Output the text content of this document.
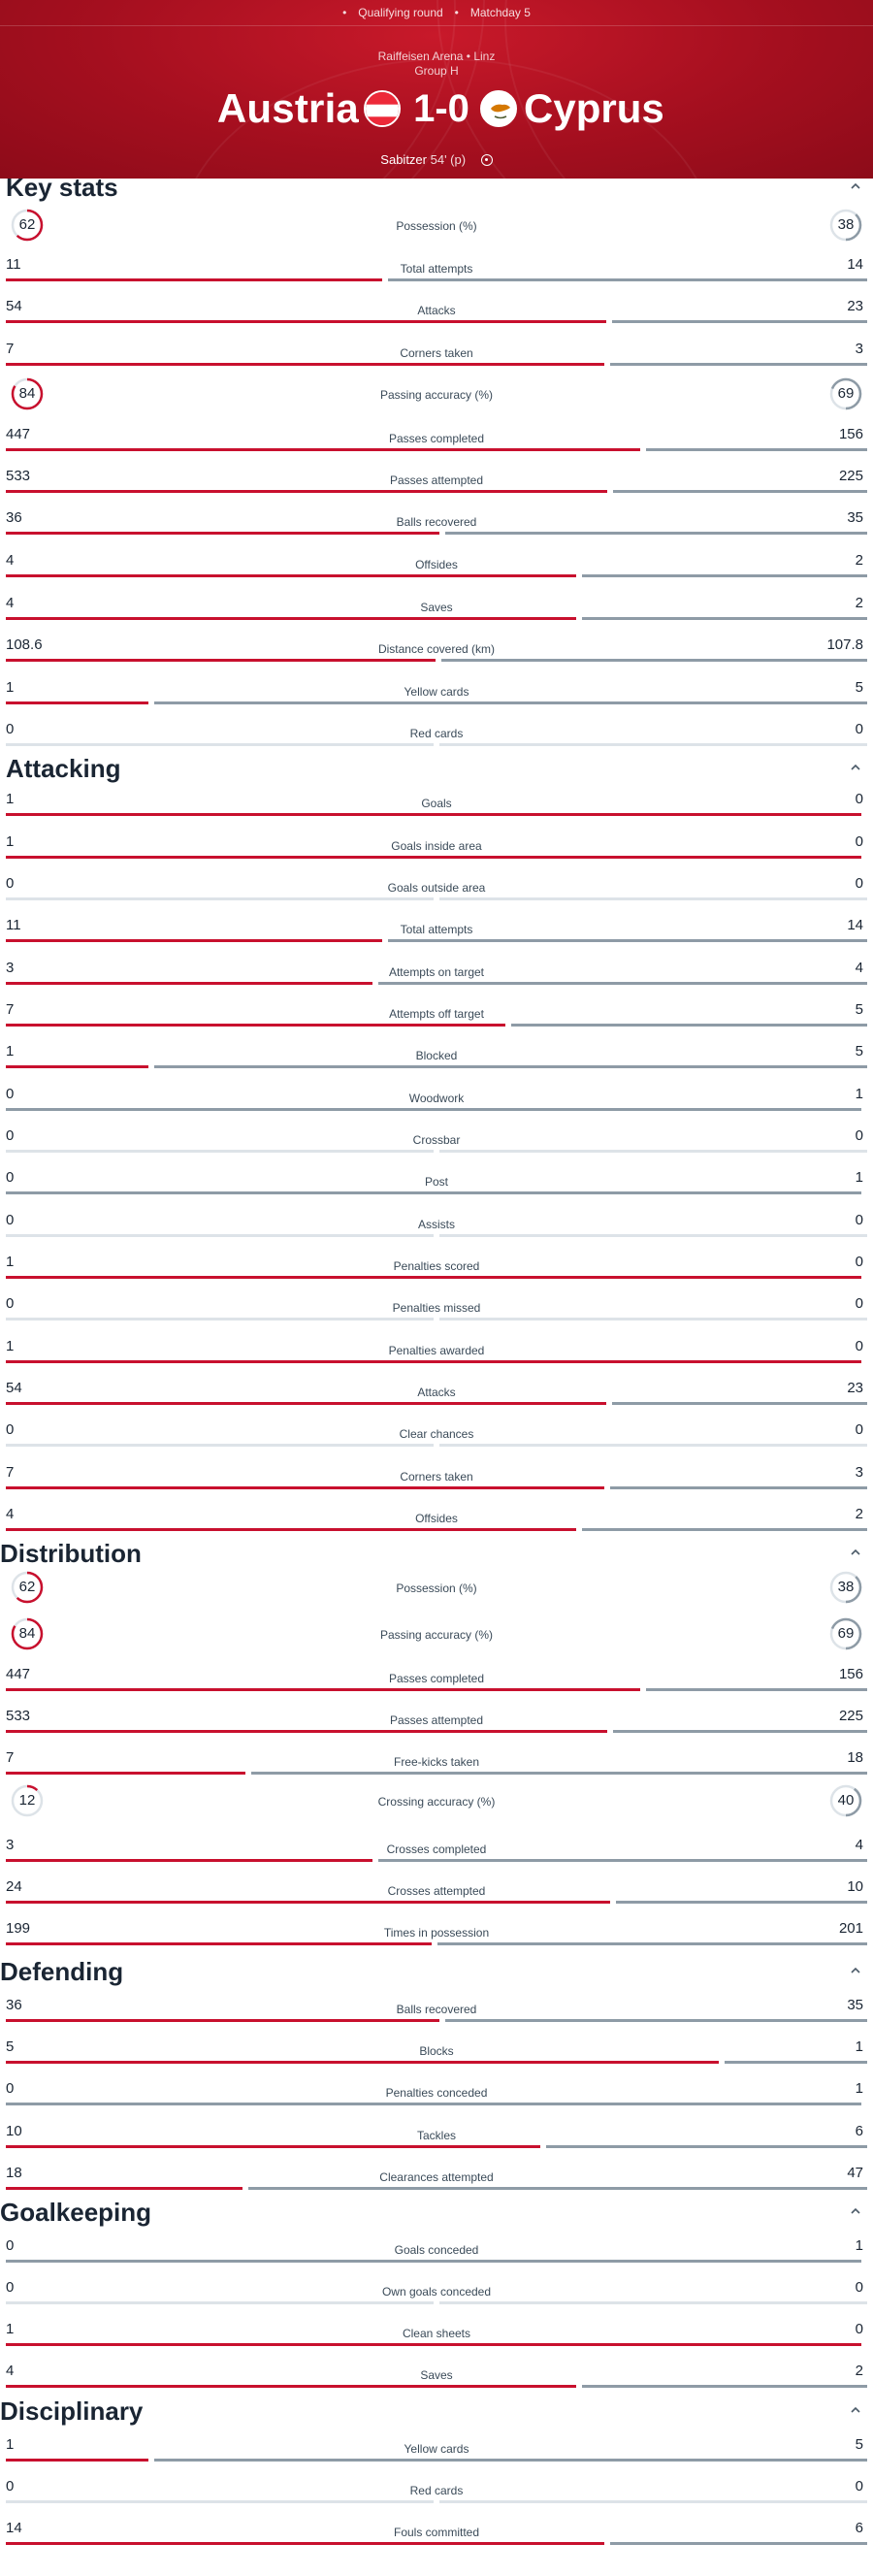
• Qualifying round • Matchday 5
Raiffeisen Arena • Linz
Group H
Austria 1-0 Cyprus
Sabitzer 54' (p)
Key stats
62	Possession (%)	38
11	Total attempts	14
54	Attacks	23
7	Corners taken	3
84	Passing accuracy (%)	69
447	Passes completed	156
533	Passes attempted	225
36	Balls recovered	35
4	Offsides	2
4	Saves	2
108.6	Distance covered (km)	107.8
1	Yellow cards	5
0	Red cards	0
Attacking
1	Goals	0
1	Goals inside area	0
0	Goals outside area	0
11	Total attempts	14
3	Attempts on target	4
7	Attempts off target	5
1	Blocked	5
0	Woodwork	1
0	Crossbar	0
0	Post	1
0	Assists	0
1	Penalties scored	0
0	Penalties missed	0
1	Penalties awarded	0
54	Attacks	23
0	Clear chances	0
7	Corners taken	3
4	Offsides	2
Distribution
62	Possession (%)	38
84	Passing accuracy (%)	69
447	Passes completed	156
533	Passes attempted	225
7	Free-kicks taken	18
12	Crossing accuracy (%)	40
3	Crosses completed	4
24	Crosses attempted	10
199	Times in possession	201
Defending
36	Balls recovered	35
5	Blocks	1
0	Penalties conceded	1
10	Tackles	6
18	Clearances attempted	47
Goalkeeping
0	Goals conceded	1
0	Own goals conceded	0
1	Clean sheets	0
4	Saves	2
Disciplinary
1	Yellow cards	5
0	Red cards	0
14	Fouls committed	6
